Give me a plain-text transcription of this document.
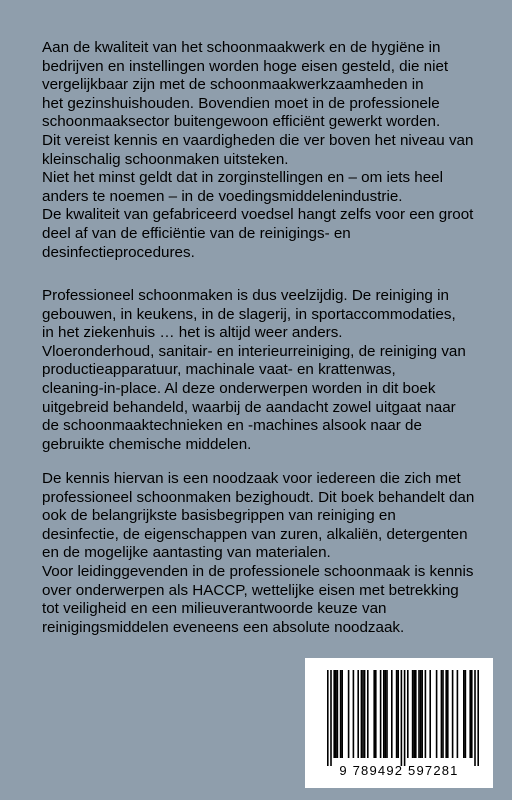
Aan de kwaliteit van het schoonmaakwerk en de hygiëne in

bedrijven en instellingen worden hoge eisen gesteld, die niet

vergelijkbaar zijn met de schoonmaakwerkzaamheden in

het gezinshuishouden. Bovendien moet in de professionele

schoonmaaksector buitengewoon efficiënt gewerkt worden.

Dit vereist kennis en vaardigheden die ver boven het niveau van

kleinschalig schoonmaken uitsteken.

Niet het minst geldt dat in zorginstellingen en – om iets heel

anders te noemen – in de voedingsmiddelenindustrie.

De kwaliteit van gefabriceerd voedsel hangt zelfs voor een groot

deel af van de efficiëntie van de reinigings- en

desinfectieprocedures.

Professioneel schoonmaken is dus veelzijdig. De reiniging in

gebouwen, in keukens, in de slagerij, in sportaccommodaties,

in het ziekenhuis … het is altijd weer anders.

Vloeronderhoud, sanitair- en interieurreiniging, de reiniging van

productieapparatuur, machinale vaat- en krattenwas,

cleaning-in-place. Al deze onderwerpen worden in dit boek

uitgebreid behandeld, waarbij de aandacht zowel uitgaat naar

de schoonmaaktechnieken en -machines alsook naar de

gebruikte chemische middelen.

De kennis hiervan is een noodzaak voor iedereen die zich met

professioneel schoonmaken bezighoudt. Dit boek behandelt dan

ook de belangrijkste basisbegrippen van reiniging en

desinfectie, de eigenschappen van zuren, alkaliën, detergenten

en de mogelijke aantasting van materialen.

Voor leidinggevenden in de professionele schoonmaak is kennis

over onderwerpen als HACCP, wettelijke eisen met betrekking

tot veiligheid en een milieuverantwoorde keuze van

reinigingsmiddelen eveneens een absolute noodzaak.

9 789492 597281
